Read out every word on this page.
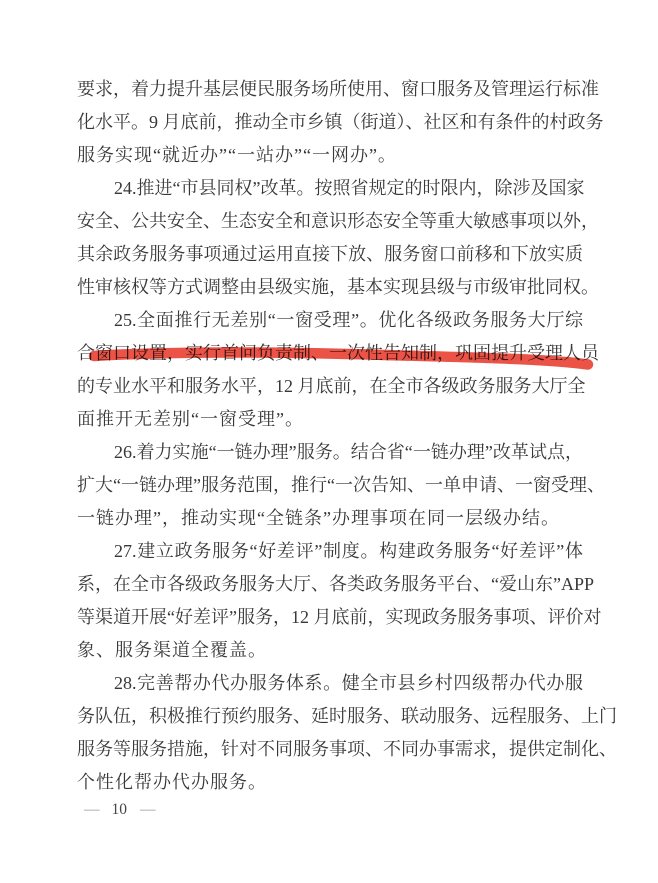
要求，着力提升基层便民服务场所使用、窗口服务及管理运行标准
化水平。9 月底前，推动全市乡镇（街道）、社区和有条件的村政务
服务实现“就近办”“一站办”“一网办”。
24.推进“市县同权”改革。按照省规定的时限内，除涉及国家
安全、公共安全、生态安全和意识形态安全等重大敏感事项以外，
其余政务服务事项通过运用直接下放、服务窗口前移和下放实质
性审核权等方式调整由县级实施，基本实现县级与市级审批同权。
25.全面推行无差别“一窗受理”。优化各级政务服务大厅综
合窗口设置，实行首问负责制、一次性告知制，巩固提升受理人员
的专业水平和服务水平，12 月底前，在全市各级政务服务大厅全
面推开无差别“一窗受理”。
26.着力实施“一链办理”服务。结合省“一链办理”改革试点，
扩大“一链办理”服务范围，推行“一次告知、一单申请、一窗受理、
一链办理”，推动实现“全链条”办理事项在同一层级办结。
27.建立政务服务“好差评”制度。构建政务服务“好差评”体
系，在全市各级政务服务大厅、各类政务服务平台、“爱山东”APP
等渠道开展“好差评”服务，12 月底前，实现政务服务事项、评价对
象、服务渠道全覆盖。
28.完善帮办代办服务体系。健全市县乡村四级帮办代办服
务队伍，积极推行预约服务、延时服务、联动服务、远程服务、上门
服务等服务措施，针对不同服务事项、不同办事需求，提供定制化、
个性化帮办代办服务。
— 10 —
